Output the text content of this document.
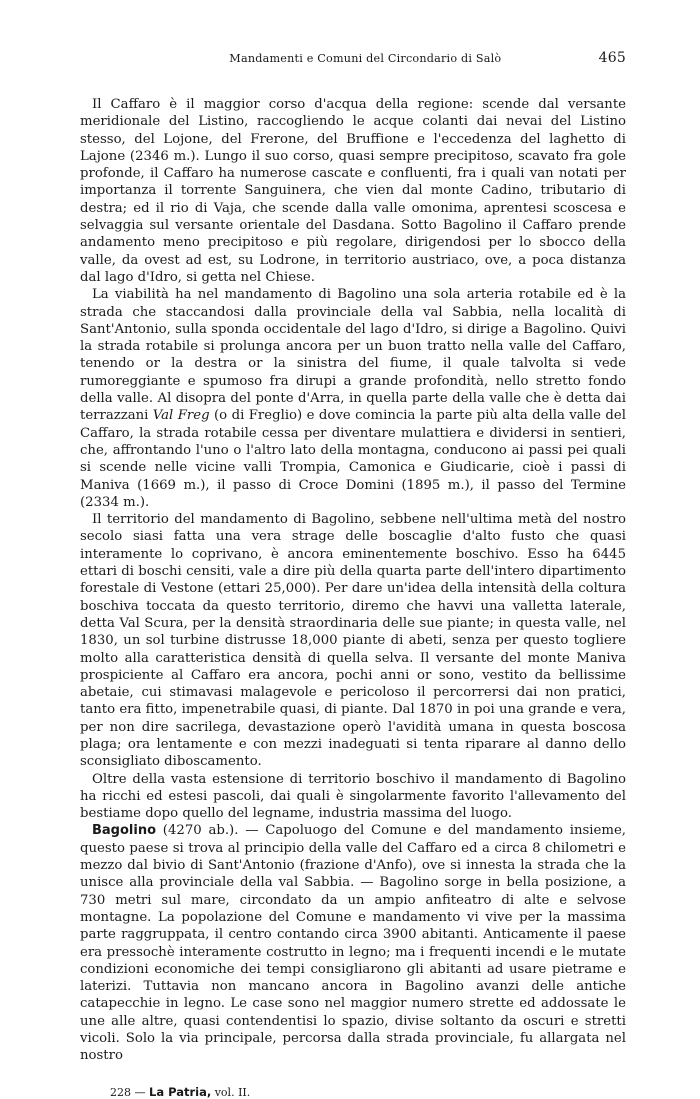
Mandamenti e Comuni del Circondario di Salò	465

Il Caffaro è il maggior corso d'acqua della regione: scende dal versante meridionale del Listino, raccogliendo le acque colanti dai nevai del Listino stesso, del Lojone, del Frerone, del Bruffione e l'eccedenza del laghetto di Lajone (2346 m.). Lungo il suo corso, quasi sempre precipitoso, scavato fra gole profonde, il Caffaro ha numerose cascate e confluenti, fra i quali van notati per importanza il torrente Sanguinera, che vien dal monte Cadino, tributario di destra; ed il rio di Vaja, che scende dalla valle omonima, aprentesi scoscesa e selvaggia sul versante orientale del Dasdana. Sotto Bagolino il Caffaro prende andamento meno precipitoso e più regolare, dirigendosi per lo sbocco della valle, da ovest ad est, su Lodrone, in territorio austriaco, ove, a poca distanza dal lago d'Idro, si getta nel Chiese.

La viabilità ha nel mandamento di Bagolino una sola arteria rotabile ed è la strada che staccandosi dalla provinciale della val Sabbia, nella località di Sant'Antonio, sulla sponda occidentale del lago d'Idro, si dirige a Bagolino. Quivi la strada rotabile si prolunga ancora per un buon tratto nella valle del Caffaro, tenendo or la destra or la sinistra del fiume, il quale talvolta si vede rumoreggiante e spumoso fra dirupi a grande profondità, nello stretto fondo della valle. Al disopra del ponte d'Arra, in quella parte della valle che è detta dai terrazzani Val Freg (o di Freglio) e dove comincia la parte più alta della valle del Caffaro, la strada rotabile cessa per diventare mulattiera e dividersi in sentieri, che, affrontando l'uno o l'altro lato della montagna, conducono ai passi pei quali si scende nelle vicine valli Trompia, Camonica e Giudicarie, cioè i passi di Maniva (1669 m.), il passo di Croce Domini (1895 m.), il passo del Termine (2334 m.).

Il territorio del mandamento di Bagolino, sebbene nell'ultima metà del nostro secolo siasi fatta una vera strage delle boscaglie d'alto fusto che quasi interamente lo coprivano, è ancora eminentemente boschivo. Esso ha 6445 ettari di boschi censiti, vale a dire più della quarta parte dell'intero dipartimento forestale di Vestone (ettari 25,000). Per dare un'idea della intensità della coltura boschiva toccata da questo territorio, diremo che havvi una valletta laterale, detta Val Scura, per la densità straordinaria delle sue piante; in questa valle, nel 1830, un sol turbine distrusse 18,000 piante di abeti, senza per questo togliere molto alla caratteristica densità di quella selva. Il versante del monte Maniva prospiciente al Caffaro era ancora, pochi anni or sono, vestito da bellissime abetaie, cui stimavasi malagevole e pericoloso il percorrersi dai non pratici, tanto era fitto, impenetrabile quasi, di piante. Dal 1870 in poi una grande e vera, per non dire sacrilega, devastazione operò l'avidità umana in questa boscosa plaga; ora lentamente e con mezzi inadeguati si tenta riparare al danno dello sconsigliato diboscamento.

Oltre della vasta estensione di territorio boschivo il mandamento di Bagolino ha ricchi ed estesi pascoli, dai quali è singolarmente favorito l'allevamento del bestiame dopo quello del legname, industria massima del luogo.

Bagolino (4270 ab.). — Capoluogo del Comune e del mandamento insieme, questo paese si trova al principio della valle del Caffaro ed a circa 8 chilometri e mezzo dal bivio di Sant'Antonio (frazione d'Anfo), ove si innesta la strada che la unisce alla provinciale della val Sabbia. — Bagolino sorge in bella posizione, a 730 metri sul mare, circondato da un ampio anfiteatro di alte e selvose montagne. La popolazione del Comune e mandamento vi vive per la massima parte raggruppata, il centro contando circa 3900 abitanti. Anticamente il paese era pressochè interamente costrutto in legno; ma i frequenti incendi e le mutate condizioni economiche dei tempi consigliarono gli abitanti ad usare pietrame e laterizi. Tuttavia non mancano ancora in Bagolino avanzi delle antiche catapecchie in legno. Le case sono nel maggior numero strette ed addossate le une alle altre, quasi contendentisi lo spazio, divise soltanto da oscuri e stretti vicoli. Solo la via principale, percorsa dalla strada provinciale, fu allargata nel nostro

228 — La Patria, vol. II.
